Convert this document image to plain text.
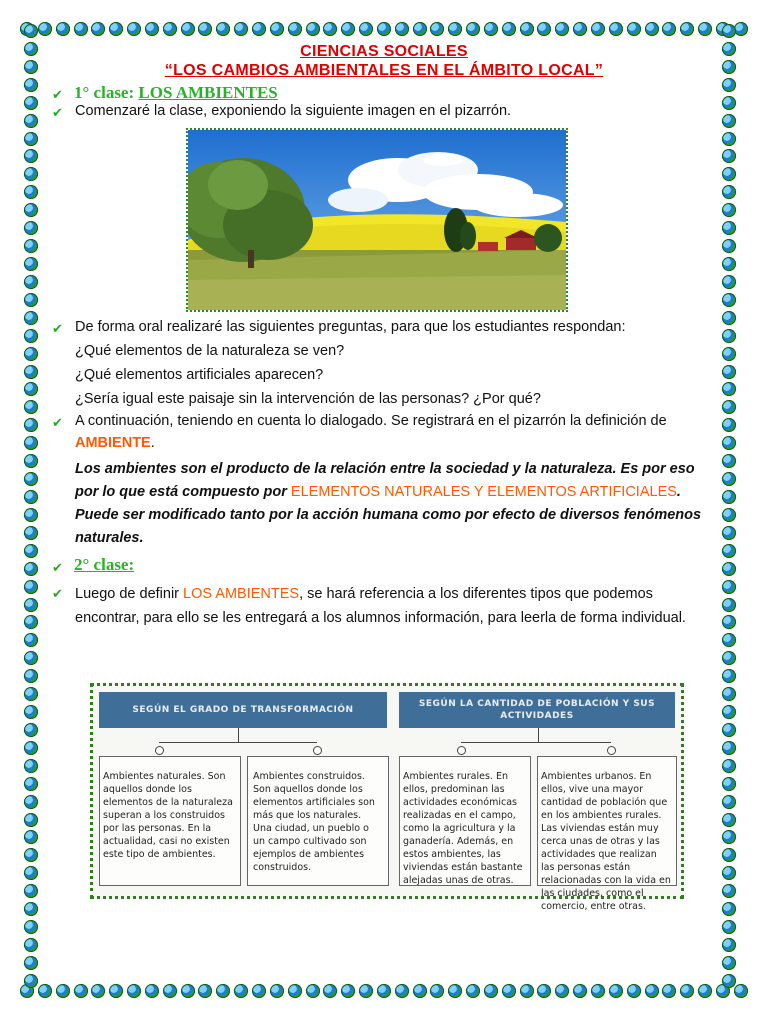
CIENCIAS SOCIALES
“LOS CAMBIOS AMBIENTALES EN EL ÁMBITO LOCAL”
✔ 1° clase: LOS AMBIENTES
✔ Comenzaré la clase, exponiendo la siguiente imagen en el pizarrón.
✔ De forma oral realizaré las siguientes preguntas, para que los estudiantes respondan:
¿Qué elementos de la naturaleza se ven?
¿Qué elementos artificiales aparecen?
¿Sería igual este paisaje sin la intervención de las personas? ¿Por qué?
✔ A continuación, teniendo en cuenta lo dialogado. Se registrará en el pizarrón la definición de
AMBIENTE.
Los ambientes son el producto de la relación entre la sociedad y la naturaleza. Es por eso por lo que está compuesto por ELEMENTOS NATURALES Y ELEMENTOS ARTIFICIALES. Puede ser modificado tanto por la acción humana como por efecto de diversos fenómenos naturales.
✔ 2° clase:
✔ Luego de definir LOS AMBIENTES, se hará referencia a los diferentes tipos que podemos encontrar, para ello se les entregará a los alumnos información, para leerla de forma individual.
SEGÚN EL GRADO DE TRANSFORMACIÓN
SEGÚN LA CANTIDAD DE POBLACIÓN Y SUS ACTIVIDADES
Ambientes naturales. Son aquellos donde los elementos de la naturaleza superan a los construidos por las personas. En la actualidad, casi no existen este tipo de ambientes.
Ambientes construidos. Son aquellos donde los elementos artificiales son más que los naturales. Una ciudad, un pueblo o un campo cultivado son ejemplos de ambientes construidos.
Ambientes rurales. En ellos, predominan las actividades económicas realizadas en el campo, como la agricultura y la ganadería. Además, en estos ambientes, las viviendas están bastante alejadas unas de otras.
Ambientes urbanos. En ellos, vive una mayor cantidad de población que en los ambientes rurales. Las viviendas están muy cerca unas de otras y las actividades que realizan las personas están relacionadas con la vida en las ciudades, como el comercio, entre otras.
